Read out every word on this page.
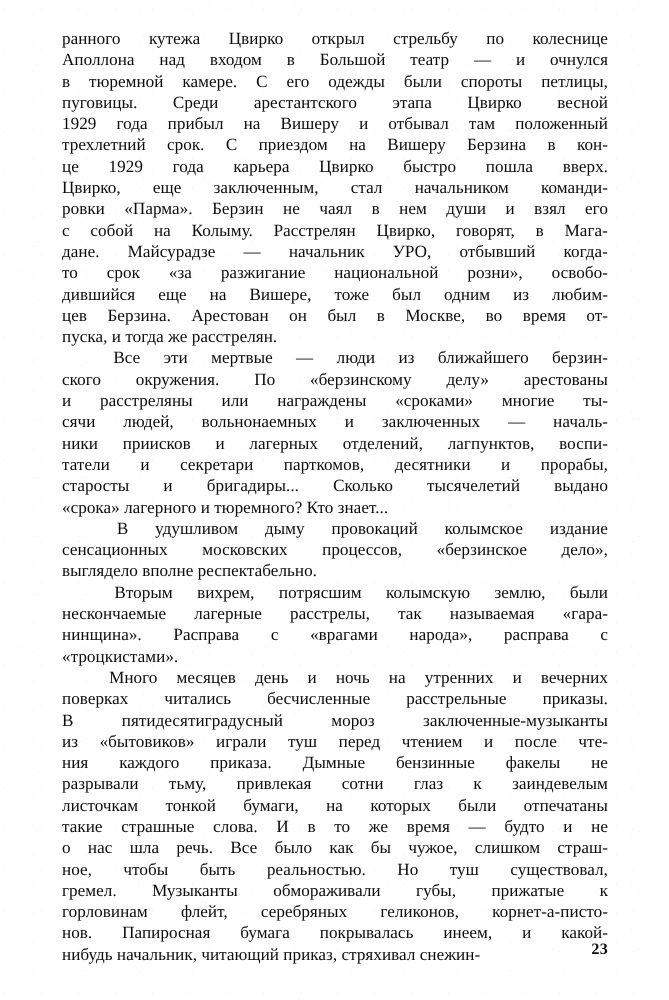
ранного кутежа Цвирко открыл стрельбу по колеснице
Аполлона над входом в Большой театр — и очнулся
в тюремной камере. С его одежды были спороты петлицы,
пуговицы. Среди арестантского этапа Цвирко весной
1929 года прибыл на Вишеру и отбывал там положенный
трехлетний срок. С приездом на Вишеру Берзина в кон-
це 1929 года карьера Цвирко быстро пошла вверх.
Цвирко, еще заключенным, стал начальником команди-
ровки «Парма». Берзин не чаял в нем души и взял его
с собой на Колыму. Расстрелян Цвирко, говорят, в Мага-
дане. Майсурадзе — начальник УРО, отбывший когда-
то срок «за разжигание национальной розни», освобо-
дившийся еще на Вишере, тоже был одним из любим-
цев Берзина. Арестован он был в Москве, во время от-
пуска, и тогда же расстрелян.

Все эти мертвые — люди из ближайшего берзин-
ского окружения. По «берзинскому делу» арестованы
и расстреляны или награждены «сроками» многие ты-
сячи людей, вольнонаемных и заключенных — началь-
ники приисков и лагерных отделений, лагпунктов, воспи-
татели и секретари парткомов, десятники и прорабы,
старосты и бригадиры... Сколько тысячелетий выдано
«срока» лагерного и тюремного? Кто знает...

В удушливом дыму провокаций колымское издание
сенсационных московских процессов, «берзинское дело»,
выглядело вполне респектабельно.

Вторым вихрем, потрясшим колымскую землю, были
нескончаемые лагерные расстрелы, так называемая «гара-
нинщина». Расправа с «врагами народа», расправа с
«троцкистами».

Много месяцев день и ночь на утренних и вечерних
поверках читались бесчисленные расстрельные приказы.
В	пятидесятиградусный	мороз	заключенные-музыканты
из «бытовиков» играли туш перед чтением и после чте-
ния каждого приказа. Дымные бензинные факелы не
разрывали тьму, привлекая сотни глаз к заиндевелым
листочкам тонкой бумаги, на которых были отпечатаны
такие страшные слова. И в то же время — будто и не
о нас шла речь. Все было как бы чужое, слишком страш-
ное, чтобы быть реальностью. Но туш существовал,
гремел. Музыканты обмораживали губы, прижатые к
горловинам флейт, серебряных геликонов, корнет-а-писто-
нов. Папиросная бумага покрывалась инеем, и какой-
нибудь начальник, читающий приказ, стряхивал снежин-	23
